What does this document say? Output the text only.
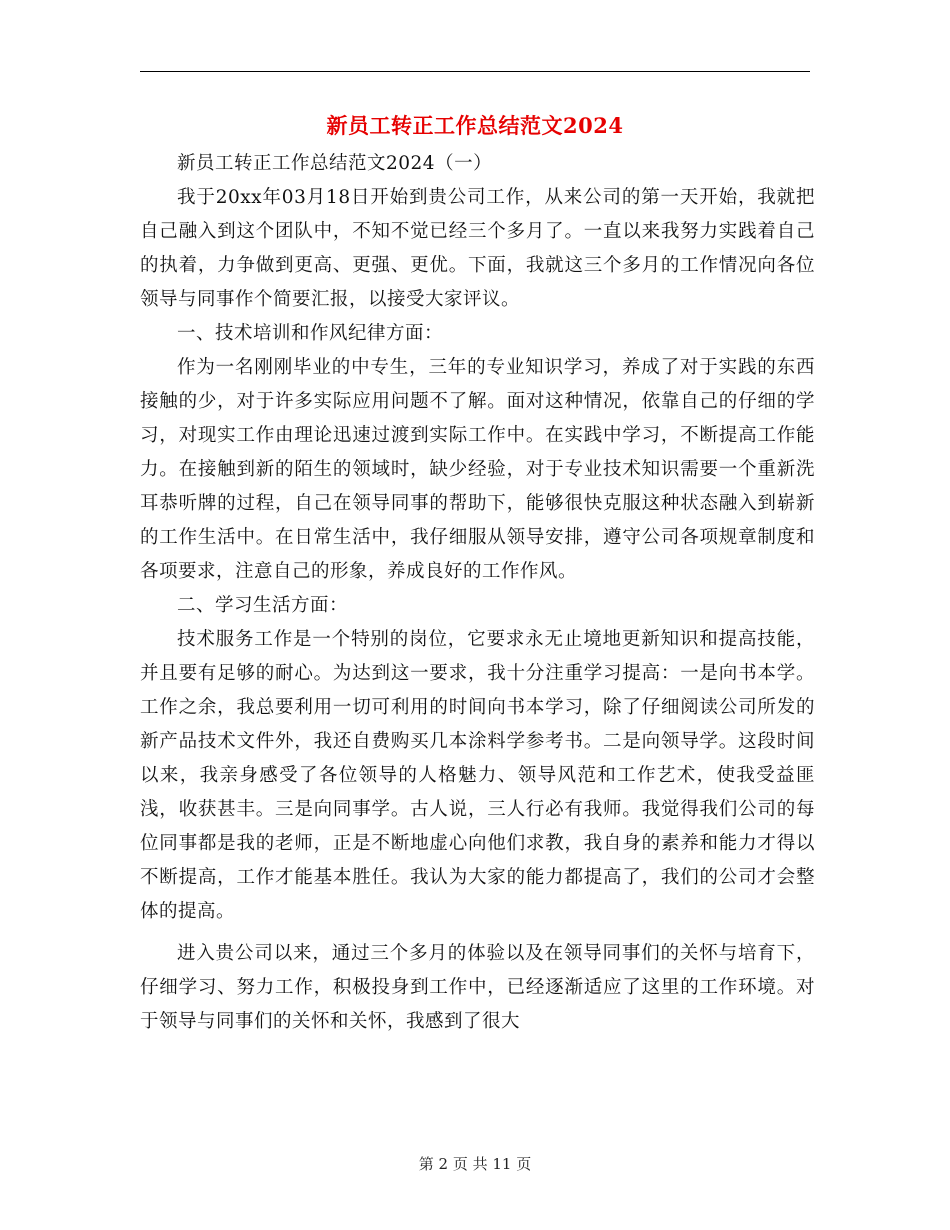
新员工转正工作总结范文2024

新员工转正工作总结范文2024（一）

我于20xx年03月18日开始到贵公司工作，从来公司的第一天开始，我就把自己融入到这个团队中，不知不觉已经三个多月了。一直以来我努力实践着自己的执着，力争做到更高、更强、更优。下面，我就这三个多月的工作情况向各位领导与同事作个简要汇报，以接受大家评议。

一、技术培训和作风纪律方面：

作为一名刚刚毕业的中专生，三年的专业知识学习，养成了对于实践的东西接触的少，对于许多实际应用问题不了解。面对这种情况，依靠自己的仔细的学习，对现实工作由理论迅速过渡到实际工作中。在实践中学习，不断提高工作能力。在接触到新的陌生的领域时，缺少经验，对于专业技术知识需要一个重新洗耳恭听牌的过程，自己在领导同事的帮助下，能够很快克服这种状态融入到崭新的工作生活中。在日常生活中，我仔细服从领导安排，遵守公司各项规章制度和各项要求，注意自己的形象，养成良好的工作作风。

二、学习生活方面：

技术服务工作是一个特别的岗位，它要求永无止境地更新知识和提高技能，并且要有足够的耐心。为达到这一要求，我十分注重学习提高：一是向书本学。工作之余，我总要利用一切可利用的时间向书本学习，除了仔细阅读公司所发的新产品技术文件外，我还自费购买几本涂料学参考书。二是向领导学。这段时间以来，我亲身感受了各位领导的人格魅力、领导风范和工作艺术，使我受益匪浅，收获甚丰。三是向同事学。古人说，三人行必有我师。我觉得我们公司的每位同事都是我的老师，正是不断地虚心向他们求教，我自身的素养和能力才得以不断提高，工作才能基本胜任。我认为大家的能力都提高了，我们的公司才会整体的提高。

进入贵公司以来，通过三个多月的体验以及在领导同事们的关怀与培育下，仔细学习、努力工作，积极投身到工作中，已经逐渐适应了这里的工作环境。对于领导与同事们的关怀和关怀，我感到了很大

第 2 页 共 11 页
